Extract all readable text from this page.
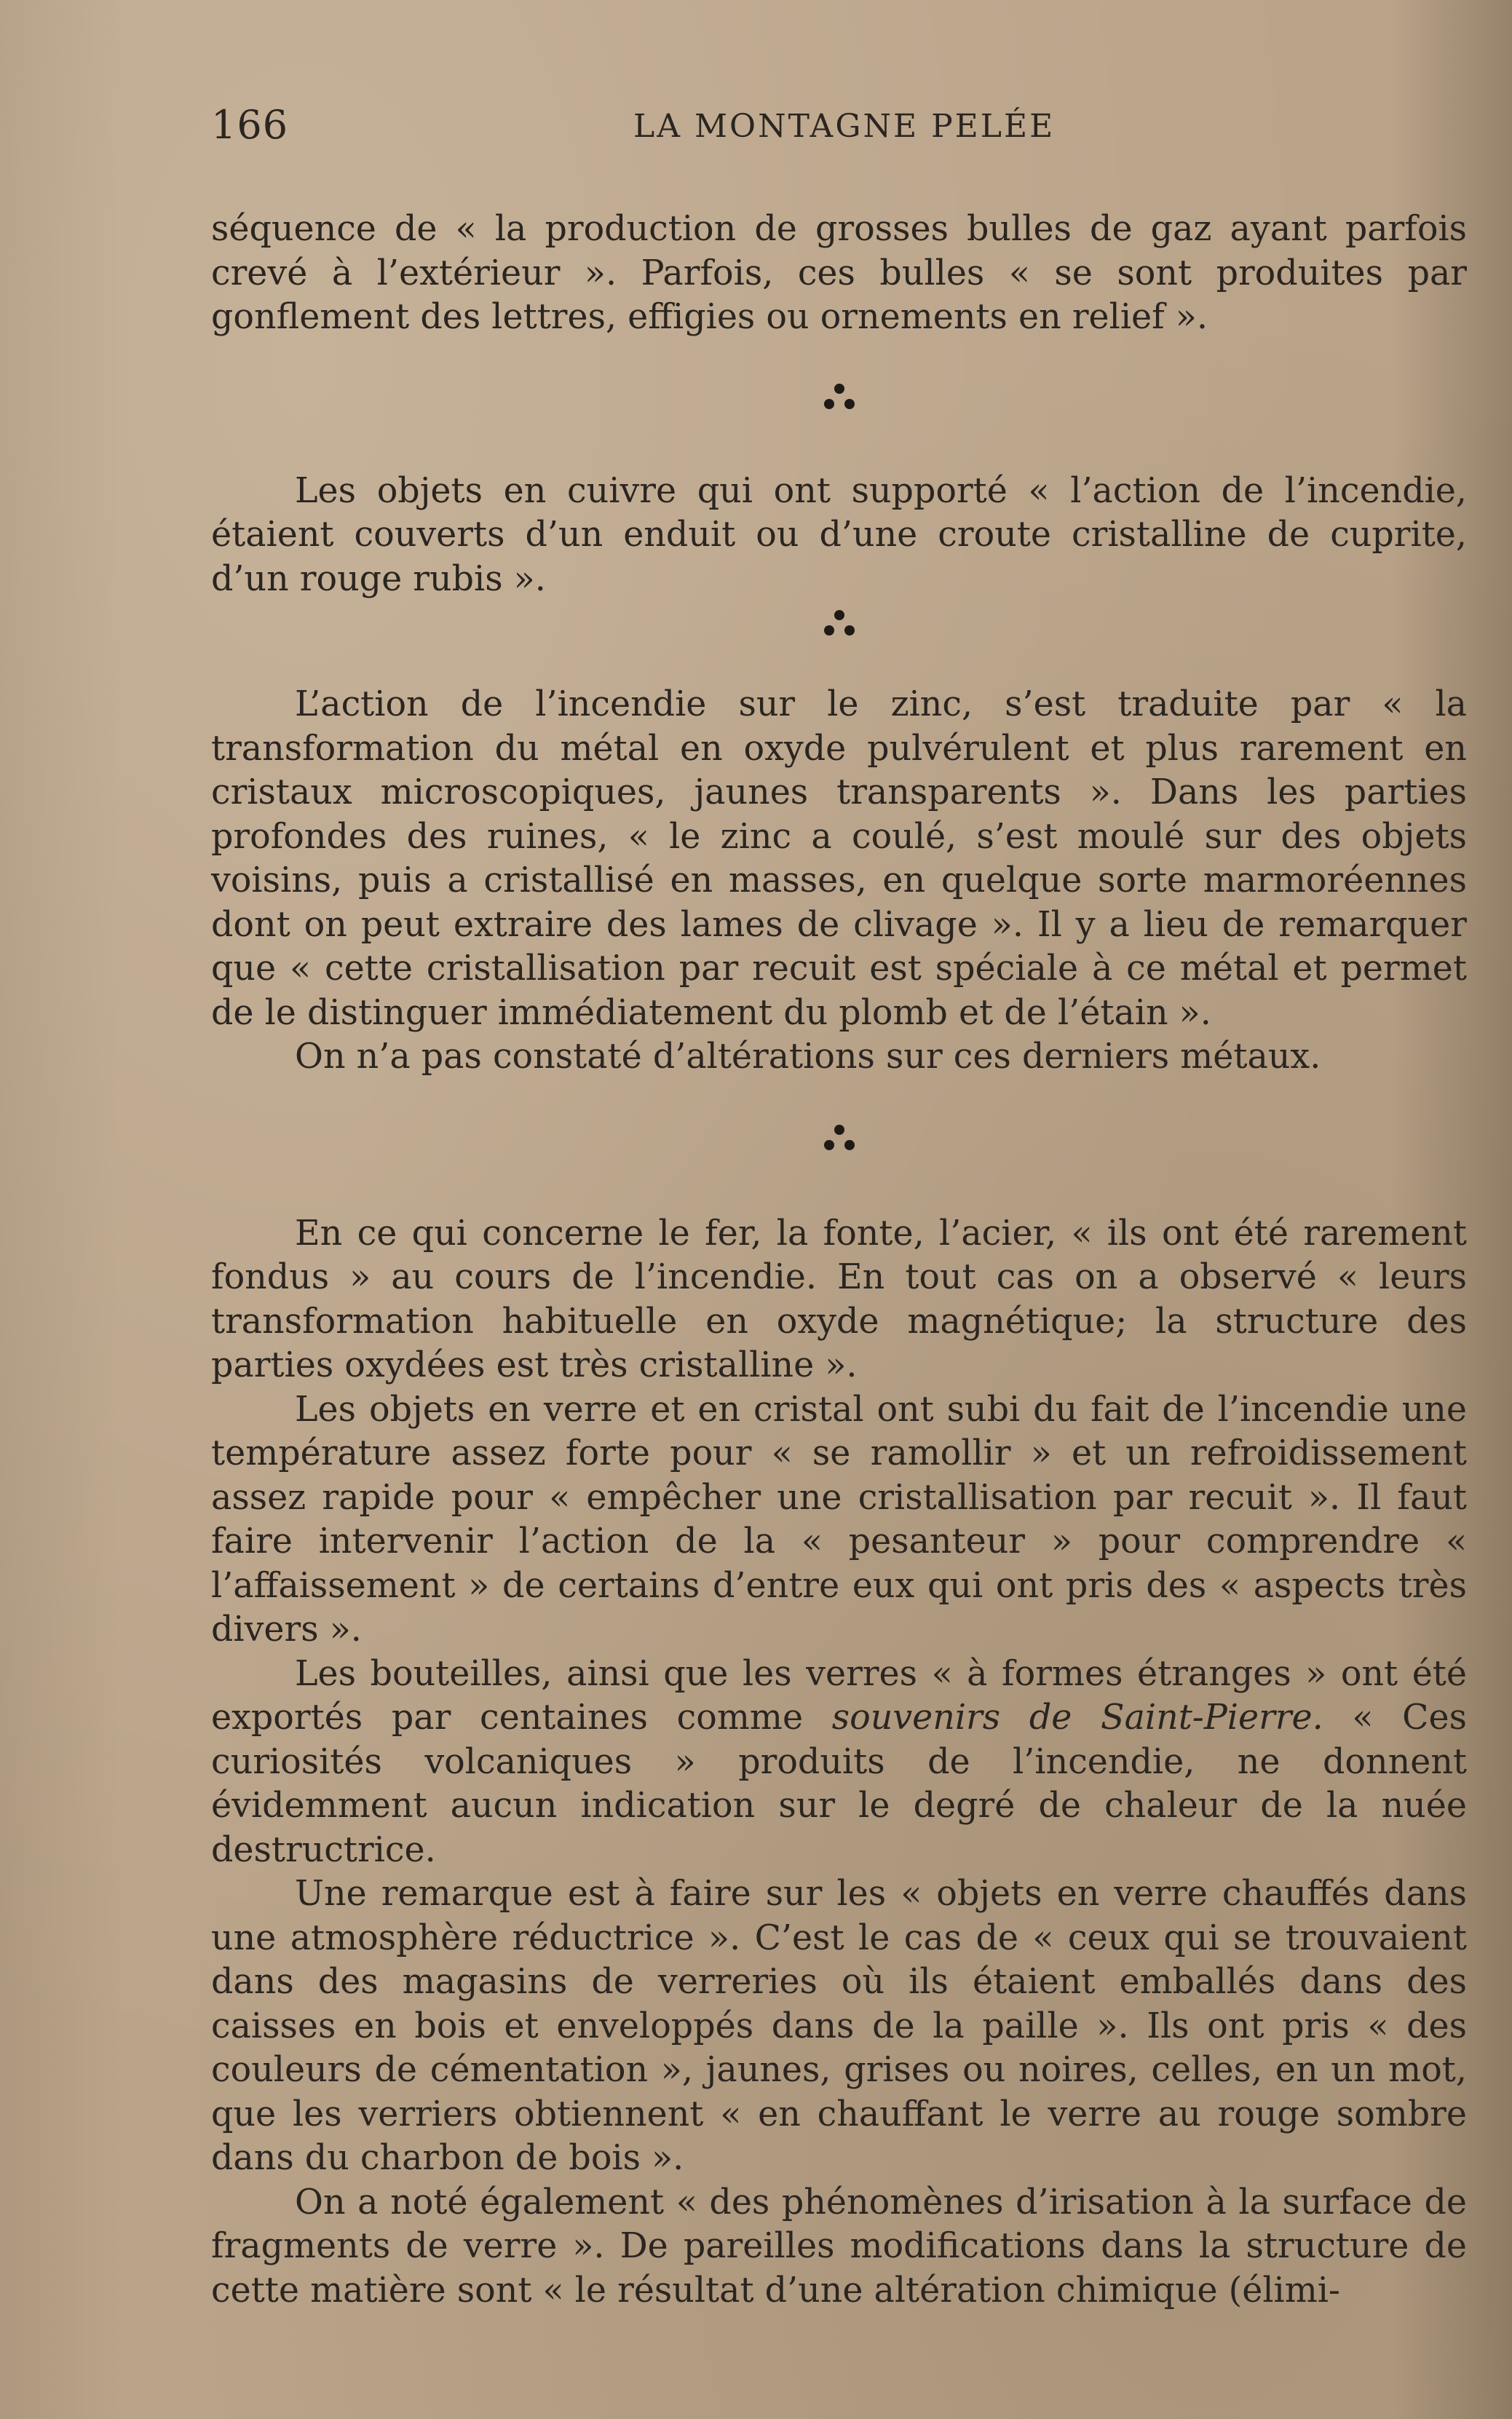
166	LA MONTAGNE PELÉE

séquence de « la production de grosses bulles de gaz ayant parfois crevé à l’extérieur ». Parfois, ces bulles « se sont produites par gonflement des lettres, effigies ou ornements en relief ».

Les objets en cuivre qui ont supporté « l’action de l’incendie, étaient couverts d’un enduit ou d’une croute cristalline de cuprite, d’un rouge rubis ».

L’action de l’incendie sur le zinc, s’est traduite par « la transformation du métal en oxyde pulvérulent et plus rarement en cristaux microscopiques, jaunes transparents ». Dans les parties profondes des ruines, « le zinc a coulé, s’est moulé sur des objets voisins, puis a cristallisé en masses, en quelque sorte marmoréennes dont on peut extraire des lames de clivage ». Il y a lieu de remarquer que « cette cristallisation par recuit est spéciale à ce métal et permet de le distinguer immédiatement du plomb et de l’étain ».

On n’a pas constaté d’altérations sur ces derniers métaux.

En ce qui concerne le fer, la fonte, l’acier, « ils ont été rarement fondus » au cours de l’incendie. En tout cas on a observé « leurs transformation habituelle en oxyde magnétique; la structure des parties oxydées est très cristalline ».

Les objets en verre et en cristal ont subi du fait de l’incendie une température assez forte pour « se ramollir » et un refroidissement assez rapide pour « empêcher une cristallisation par recuit ». Il faut faire intervenir l’action de la « pesanteur » pour comprendre « l’affaissement » de certains d’entre eux qui ont pris des « aspects très divers ».

Les bouteilles, ainsi que les verres « à formes étranges » ont été exportés par centaines comme souvenirs de Saint-Pierre. « Ces curiosités volcaniques » produits de l’incendie, ne donnent évidemment aucun indication sur le degré de chaleur de la nuée destructrice.

Une remarque est à faire sur les « objets en verre chauffés dans une atmosphère réductrice ». C’est le cas de « ceux qui se trouvaient dans des magasins de verreries où ils étaient emballés dans des caisses en bois et enveloppés dans de la paille ». Ils ont pris « des couleurs de cémentation », jaunes, grises ou noires, celles, en un mot, que les verriers obtiennent « en chauffant le verre au rouge sombre dans du charbon de bois ».

On a noté également « des phénomènes d’irisation à la surface de fragments de verre ». De pareilles modifications dans la structure de cette matière sont « le résultat d’une altération chimique (élimi-
